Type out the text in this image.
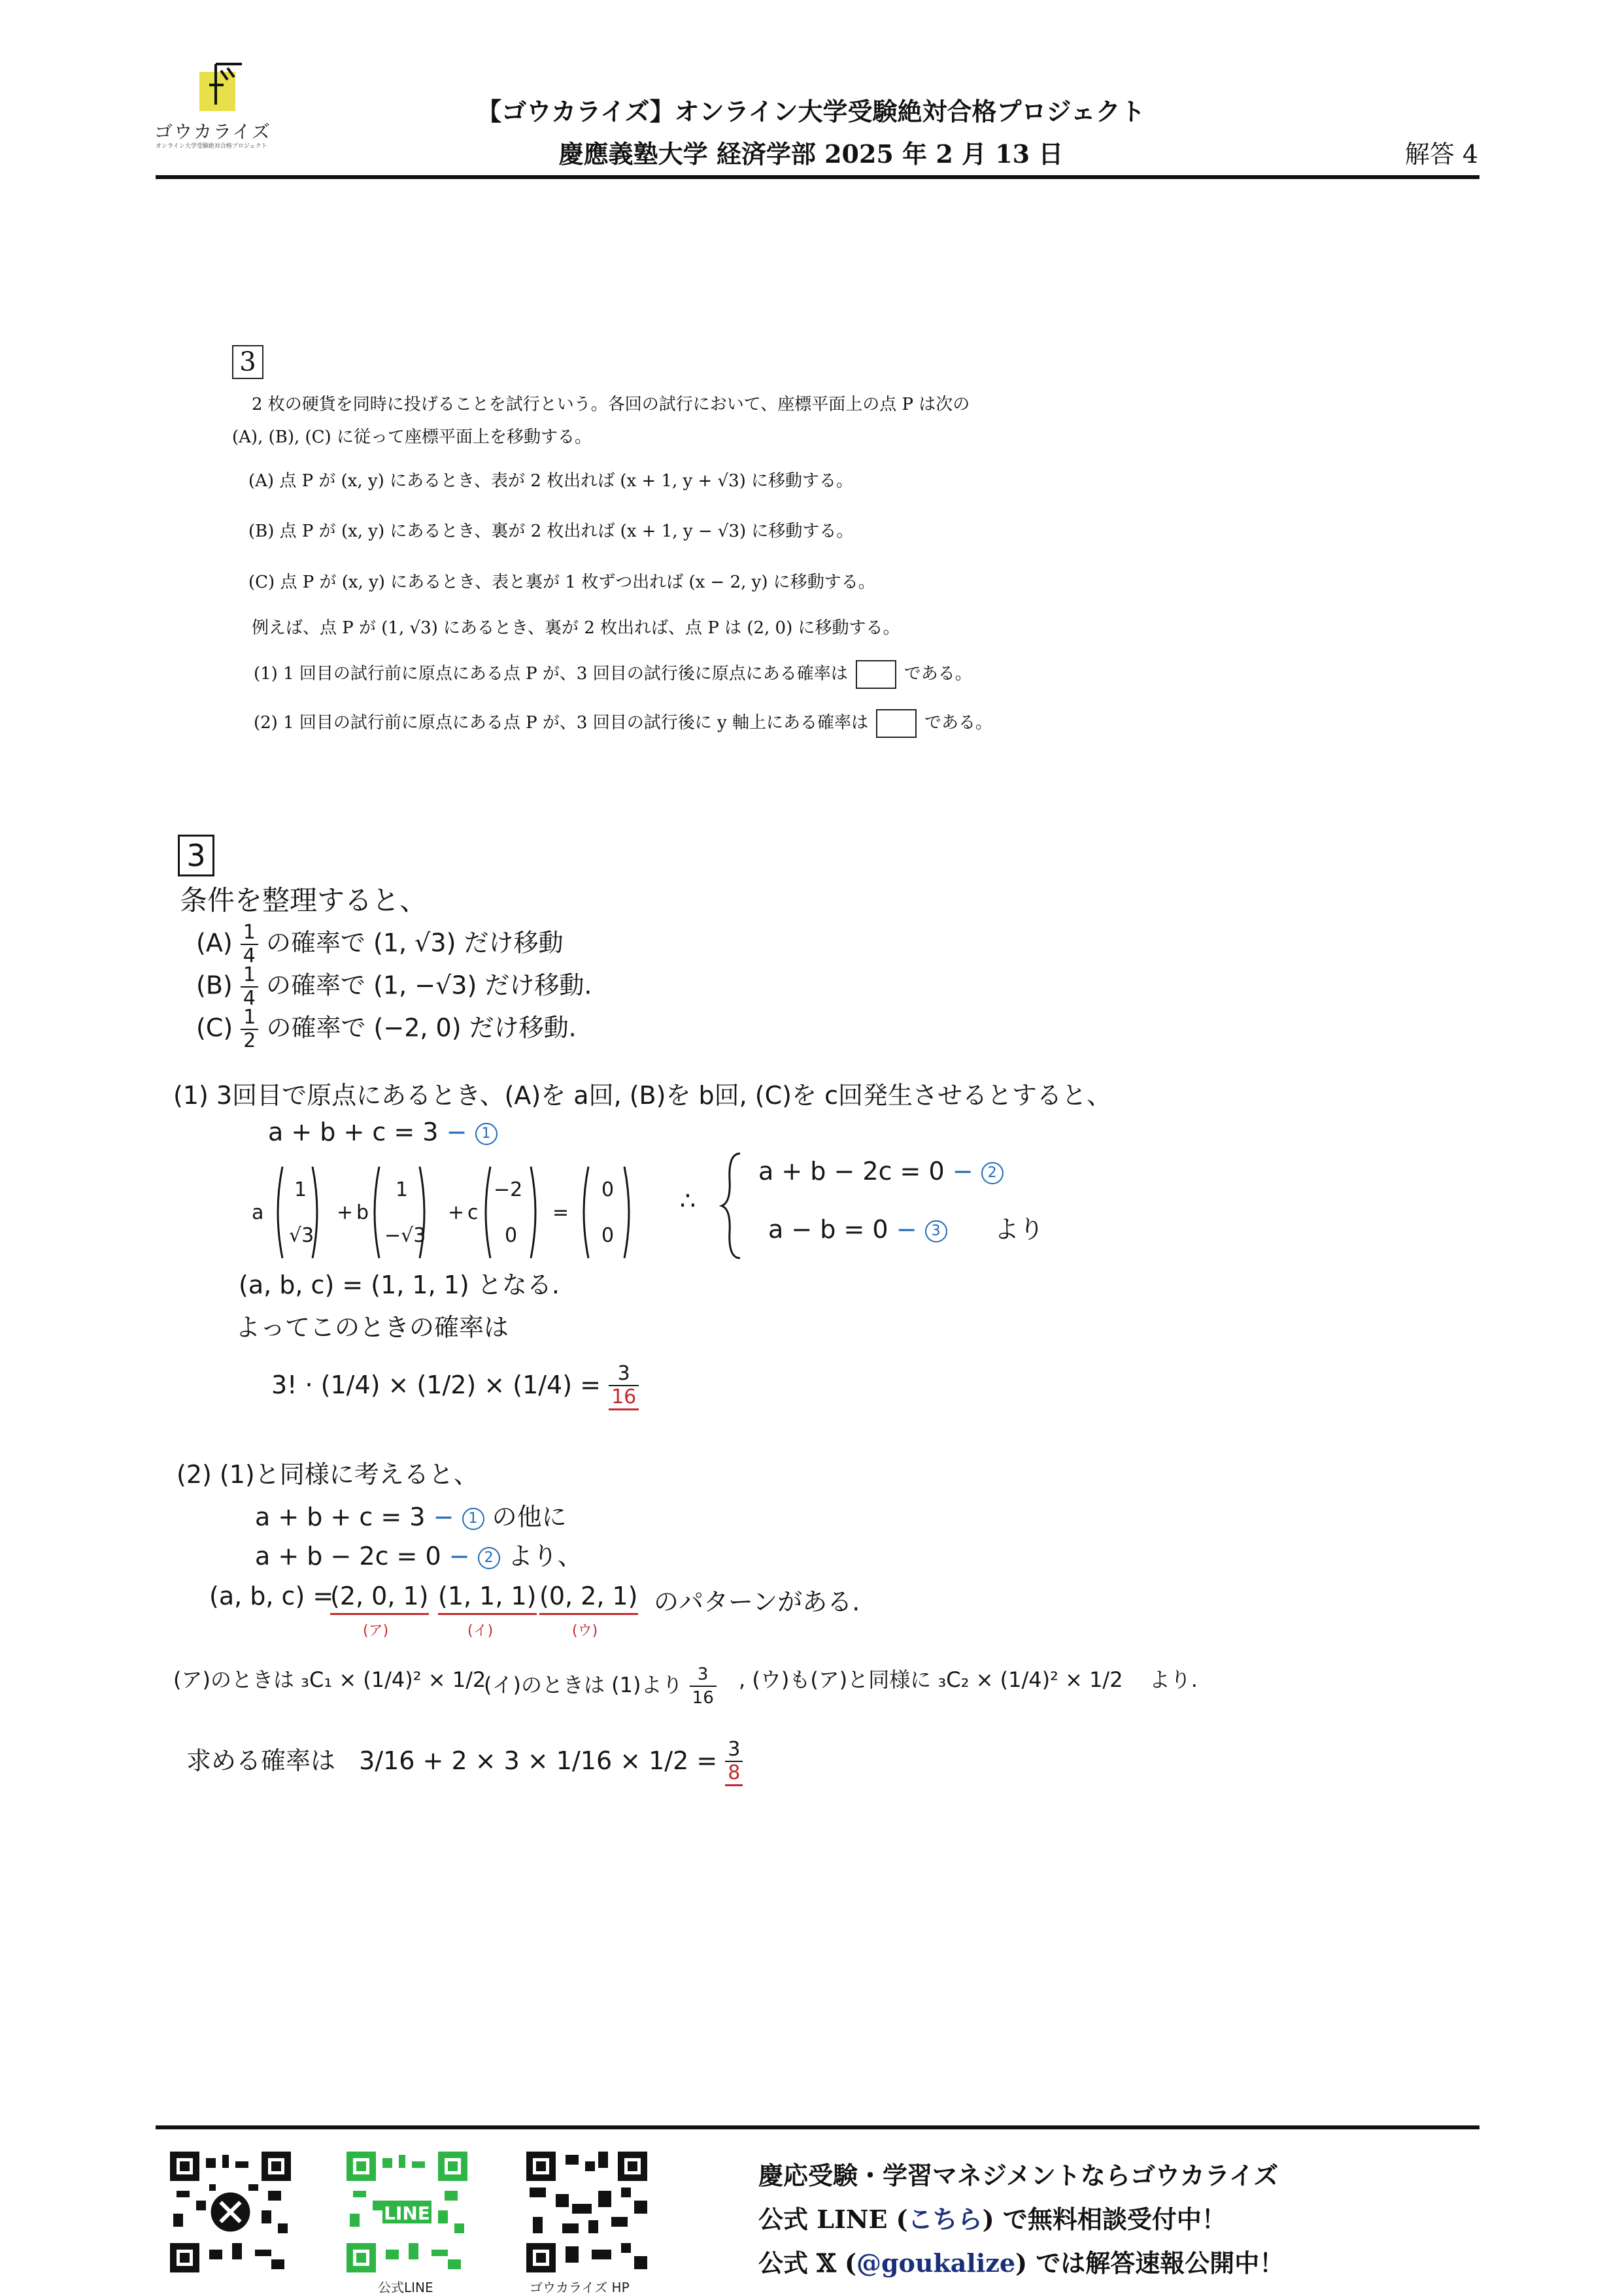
ゴウカライズ
オンライン大学受験絶対合格プロジェクト
【ゴウカライズ】オンライン大学受験絶対合格プロジェクト
慶應義塾大学 経済学部 2025 年 2 月 13 日	解答 4
3
2 枚の硬貨を同時に投げることを試行という。各回の試行において、座標平面上の点 P は次の
(A), (B), (C) に従って座標平面上を移動する。
(A) 点 P が (x, y) にあるとき、表が 2 枚出れば (x + 1, y + √3) に移動する。
(B) 点 P が (x, y) にあるとき、裏が 2 枚出れば (x + 1, y − √3) に移動する。
(C) 点 P が (x, y) にあるとき、表と裏が 1 枚ずつ出れば (x − 2, y) に移動する。
例えば、点 P が (1, √3) にあるとき、裏が 2 枚出れば、点 P は (2, 0) に移動する。
(1) 1 回目の試行前に原点にある点 P が、3 回目の試行後に原点にある確率は	である。
(2) 1 回目の試行前に原点にある点 P が、3 回目の試行後に y 軸上にある確率は	である。
3
条件を整理すると、
$(A) \frac{1}{4}$ の確率で (1, √3) だけ移動
$(B) \frac{1}{4}$ の確率で (1, −√3) だけ移動.
$(C) \frac{1}{2}$ の確率で (−2, 0) だけ移動.
(1) 3回目で原点にあるとき、(A)を a回, (B)を b回, (C)を c回発生させるとすると、
a + b + c = 3 − 1
a
1
√3
+ b
1
−√3
+ c
−2
0
=
0
0
∴
a + b − 2c = 0 − 2
a − b = 0 − 3 より
(a, b, c) = (1, 1, 1) となる.
よってこのときの確率は
3! · $(1/4) \times (1/2) \times (1/4) = \frac{3}{16}$
(2) (1)と同様に考えると、
a + b + c = 3 − 1 の他に
a + b − 2c = 0 − 2 より、
(a, b, c) =
(2, 0, 1) (1, 1, 1) (0, 2, 1) のパターンがある.
(ア)	(イ)	(ウ)
(ア)のときは ₃C₁ × (1/4)² × 1/2
(イ)のときは (1)より $\frac{3}{16}$ , (ウ)も(ア)と同様に ₃C₂ × (1/4)² × 1/2 より.
求める確率は $3/16 + 2 \times 3 \times 1/16 \times 1/2 = \frac{3}{8}$
LINE
公式LINE	ゴウカライズ HP
慶応受験・学習マネジメントならゴウカライズ
公式 LINE (こちら) で無料相談受付中！
公式 𝕏 (@goukalize) では解答速報公開中！
